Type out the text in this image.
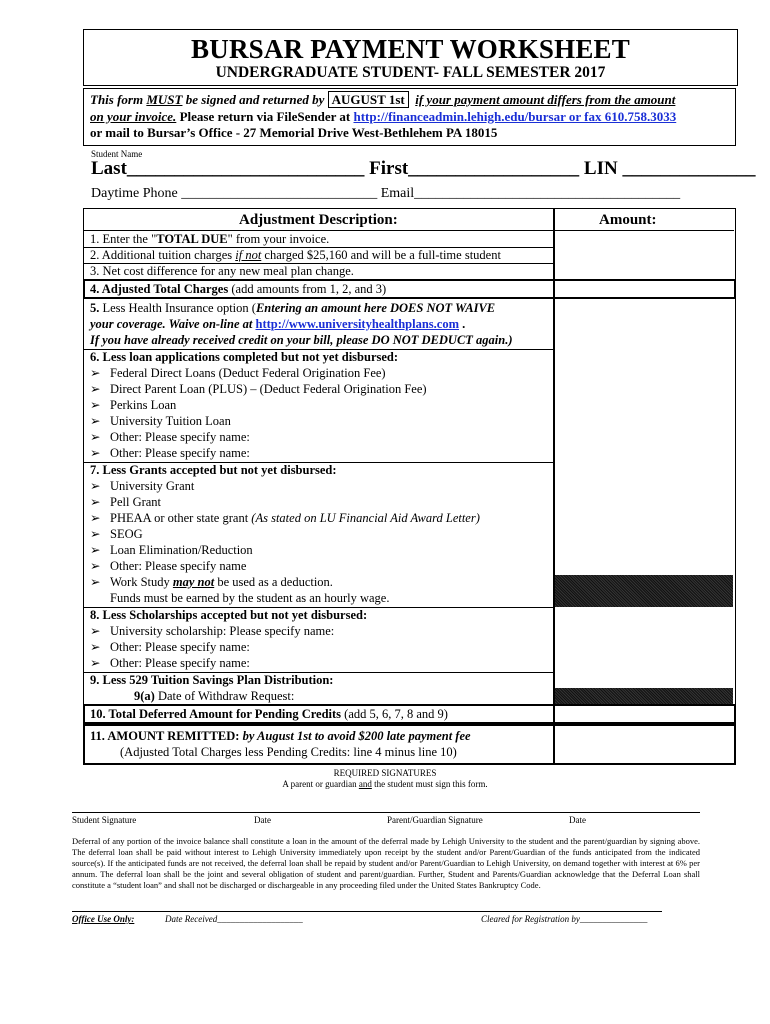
BURSAR PAYMENT WORKSHEET
UNDERGRADUATE STUDENT- FALL SEMESTER 2017
This form MUST be signed and returned by AUGUST 1st if your payment amount differs from the amount
on your invoice. Please return via FileSender at http://financeadmin.lehigh.edu/bursar or fax 610.758.3033
or mail to Bursar’s Office - 27 Memorial Drive West-Bethlehem PA 18015
Student Name
Last_________________________ First__________________ LIN ______________
Daytime Phone ____________________________ Email______________________________________
Adjustment Description:	Amount:
1. Enter the "TOTAL DUE" from your invoice.
2. Additional tuition charges if not charged $25,160 and will be a full-time student
3. Net cost difference for any new meal plan change.
4. Adjusted Total Charges (add amounts from 1, 2, and 3)
5. Less Health Insurance option (Entering an amount here DOES NOT WAIVE
your coverage. Waive on-line at http://www.universityhealthplans.com .
If you have already received credit on your bill, please DO NOT DEDUCT again.)
6. Less loan applications completed but not yet disbursed:
➢ Federal Direct Loans (Deduct Federal Origination Fee)
➢ Direct Parent Loan (PLUS) – (Deduct Federal Origination Fee)
➢ Perkins Loan
➢ University Tuition Loan
➢ Other: Please specify name:
➢ Other: Please specify name:
7. Less Grants accepted but not yet disbursed:
➢ University Grant
➢ Pell Grant
➢ PHEAA or other state grant (As stated on LU Financial Aid Award Letter)
➢ SEOG
➢ Loan Elimination/Reduction
➢ Other: Please specify name
➢ Work Study may not be used as a deduction.
Funds must be earned by the student as an hourly wage.
8. Less Scholarships accepted but not yet disbursed:
➢ University scholarship: Please specify name:
➢ Other: Please specify name:
➢ Other: Please specify name:
9. Less 529 Tuition Savings Plan Distribution:
9(a) Date of Withdraw Request:
10. Total Deferred Amount for Pending Credits (add 5, 6, 7, 8 and 9)
11. AMOUNT REMITTED: by August 1st to avoid $200 late payment fee
(Adjusted Total Charges less Pending Credits: line 4 minus line 10)
REQUIRED SIGNATURES
A parent or guardian and the student must sign this form.
Student Signature	Date	Parent/Guardian Signature	Date
Deferral of any portion of the invoice balance shall constitute a loan in the amount of the deferral made by Lehigh University to the student and the parent/guardian by signing above. The deferral loan shall be paid without interest to Lehigh University immediately upon receipt by the student and/or Parent/Guardian of the funds anticipated from the indicated source(s). If the anticipated funds are not received, the deferral loan shall be repaid by student and/or Parent/Guardian to Lehigh University, on demand together with interest at 6% per annum. The deferral loan shall be the joint and several obligation of student and parent/guardian. Further, Student and Parents/Guardian acknowledge that the Deferral Loan shall constitute a “student loan” and shall not be discharged or dischargeable in any proceeding filed under the United States Bankruptcy Code.
Office Use Only:	Date Received___________________	Cleared for Registration by_______________
